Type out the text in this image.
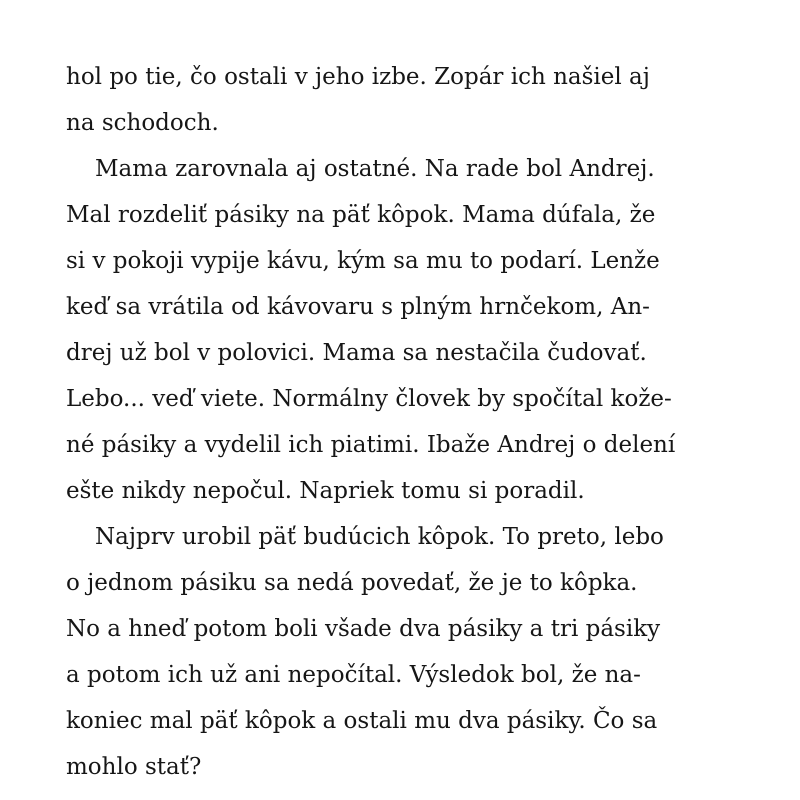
hol po tie, čo ostali v jeho izbe. Zopár ich našiel aj
na schodoch.
Mama zarovnala aj ostatné. Na rade bol Andrej.
Mal rozdeliť pásiky na päť kôpok. Mama dúfala, že
si v pokoji vypije kávu, kým sa mu to podarí. Lenže
keď sa vrátila od kávovaru s plným hrnčekom, An-
drej už bol v polovici. Mama sa nestačila čudovať.
Lebo... veď viete. Normálny človek by spočítal kože-
né pásiky a vydelil ich piatimi. Ibaže Andrej o delení
ešte nikdy nepočul. Napriek tomu si poradil.
Najprv urobil päť budúcich kôpok. To preto, lebo
o jednom pásiku sa nedá povedať, že je to kôpka.
No a hneď potom boli všade dva pásiky a tri pásiky
a potom ich už ani nepočítal. Výsledok bol, že na-
koniec mal päť kôpok a ostali mu dva pásiky. Čo sa
mohlo stať?
